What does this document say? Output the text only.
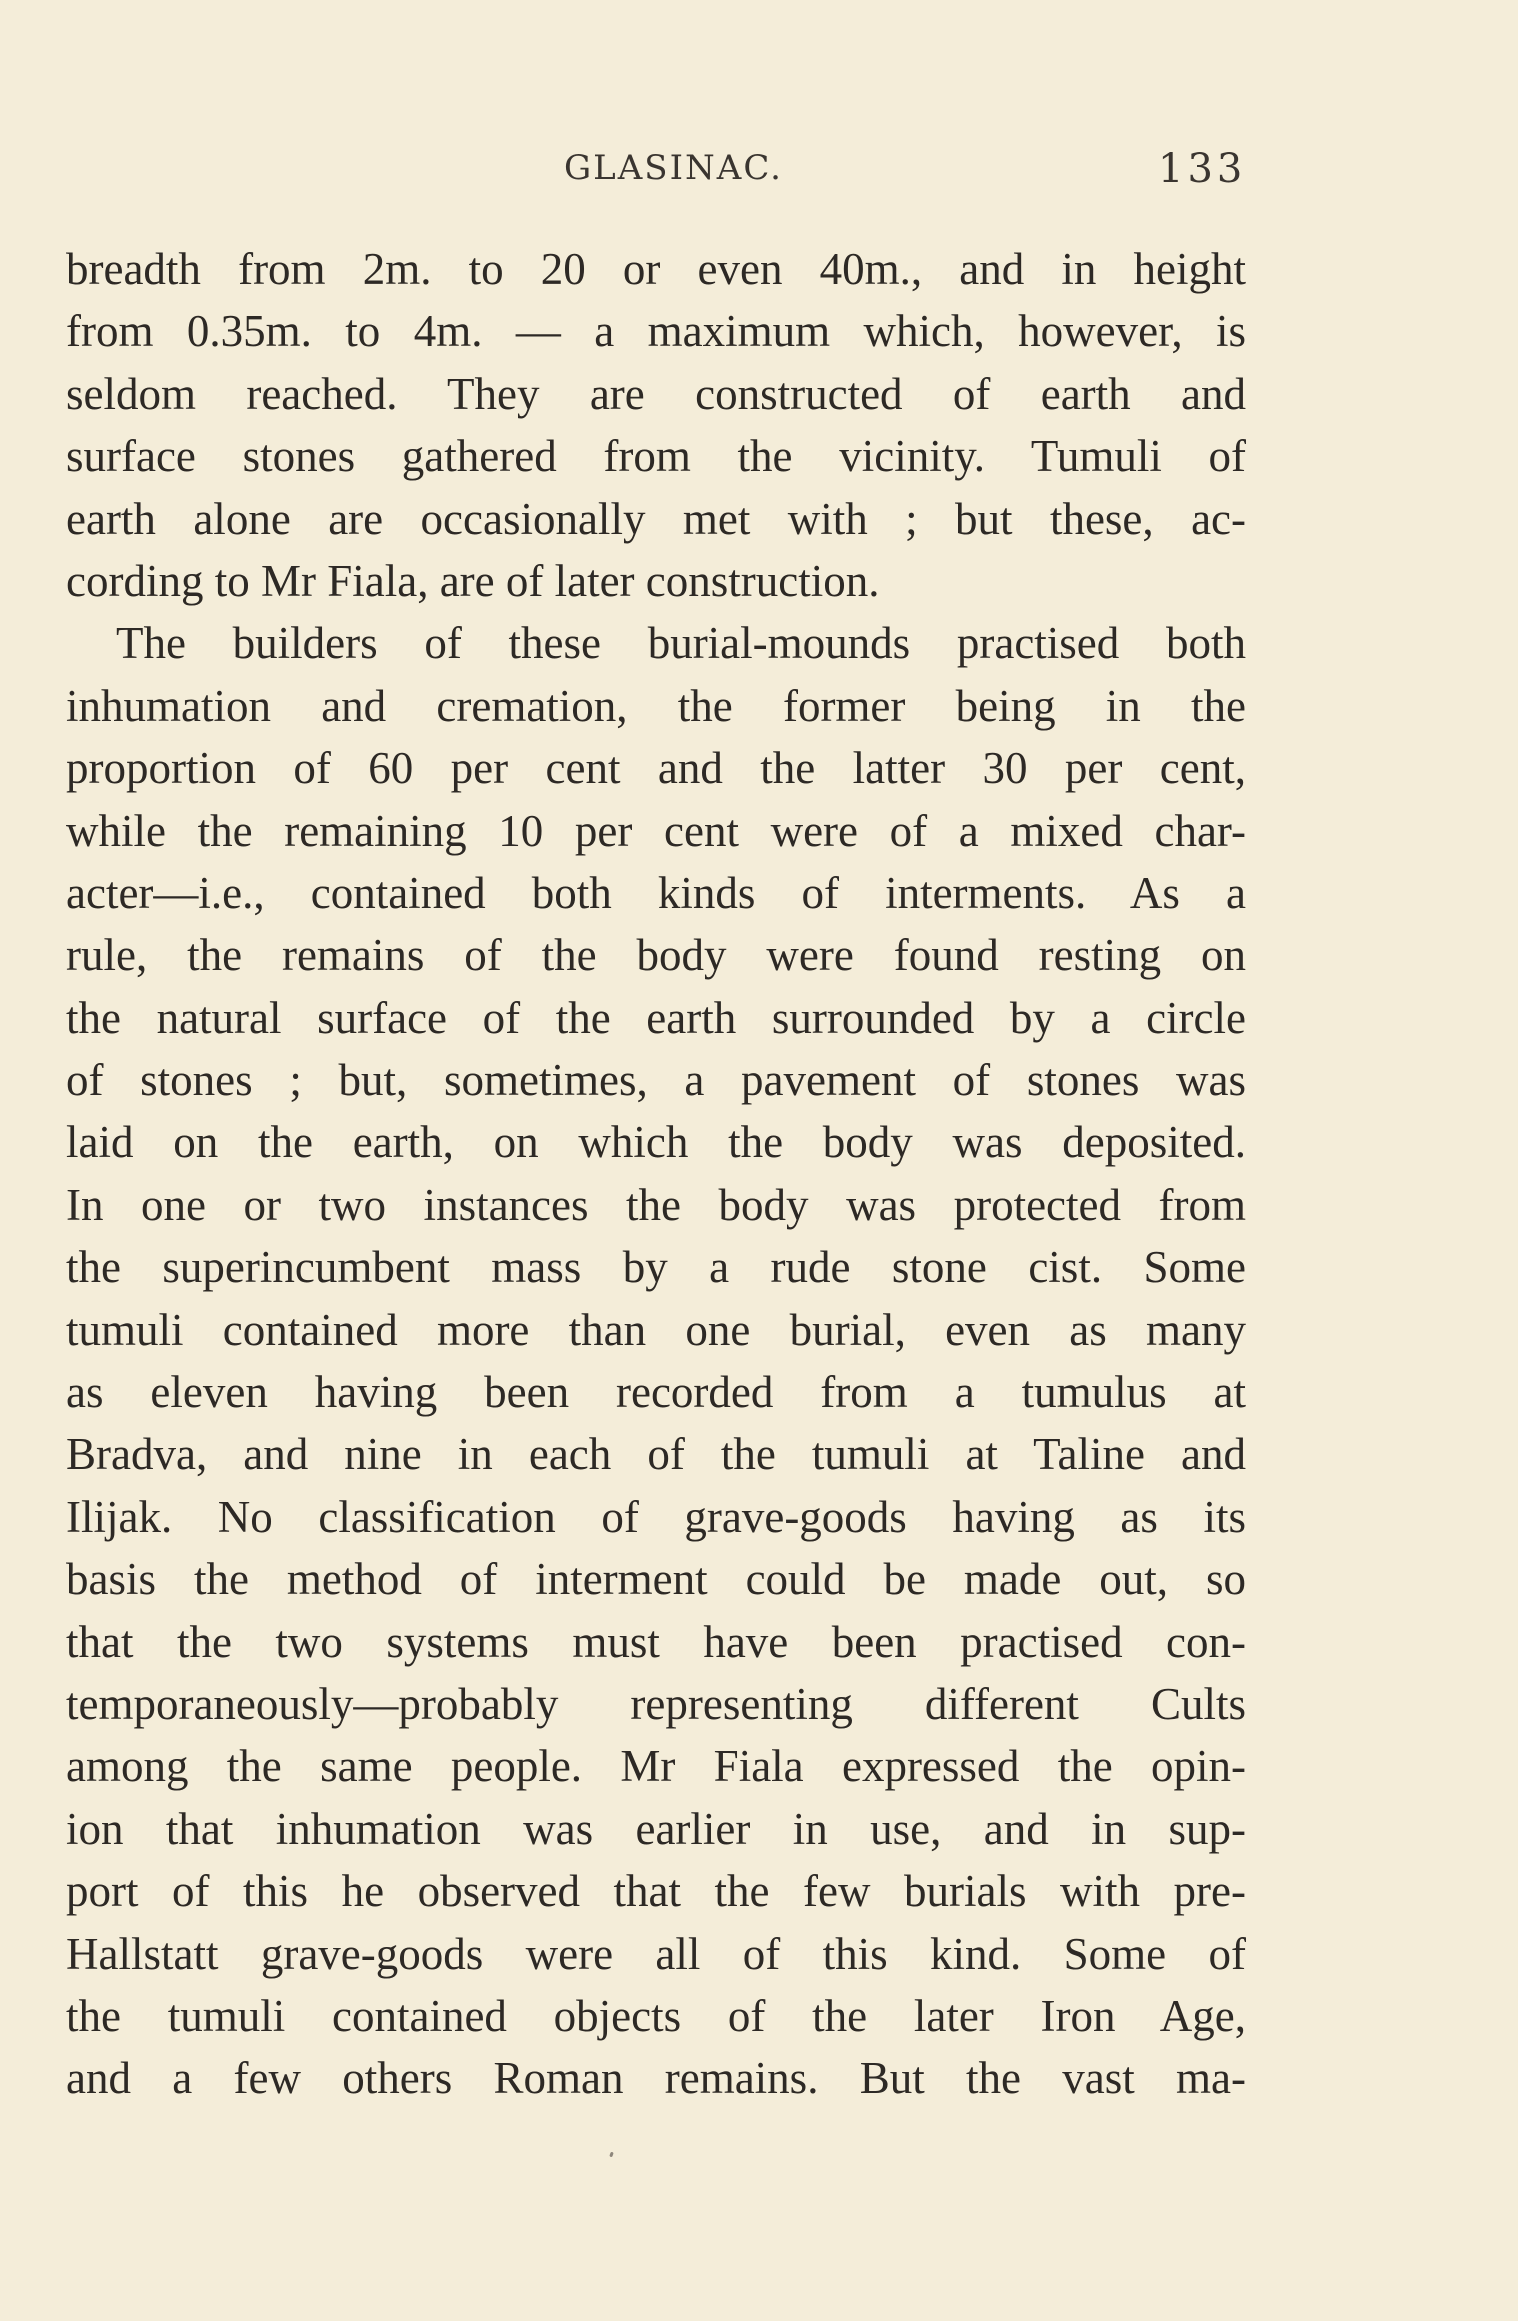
GLASINAC.	133
breadth from 2m. to 20 or even 40m., and in height
from 0.35m. to 4m. — a maximum which, however, is
seldom reached. They are constructed of earth and
surface stones gathered from the vicinity. Tumuli of
earth alone are occasionally met with ; but these, ac-
cording to Mr Fiala, are of later construction.
The builders of these burial-mounds practised both
inhumation and cremation, the former being in the
proportion of 60 per cent and the latter 30 per cent,
while the remaining 10 per cent were of a mixed char-
acter—i.e., contained both kinds of interments. As a
rule, the remains of the body were found resting on
the natural surface of the earth surrounded by a circle
of stones ; but, sometimes, a pavement of stones was
laid on the earth, on which the body was deposited.
In one or two instances the body was protected from
the superincumbent mass by a rude stone cist. Some
tumuli contained more than one burial, even as many
as eleven having been recorded from a tumulus at
Bradva, and nine in each of the tumuli at Taline and
Ilijak. No classification of grave-goods having as its
basis the method of interment could be made out, so
that the two systems must have been practised con-
temporaneously—probably representing different Cults
among the same people. Mr Fiala expressed the opin-
ion that inhumation was earlier in use, and in sup-
port of this he observed that the few burials with pre-
Hallstatt grave-goods were all of this kind. Some of
the tumuli contained objects of the later Iron Age,
and a few others Roman remains. But the vast ma-
